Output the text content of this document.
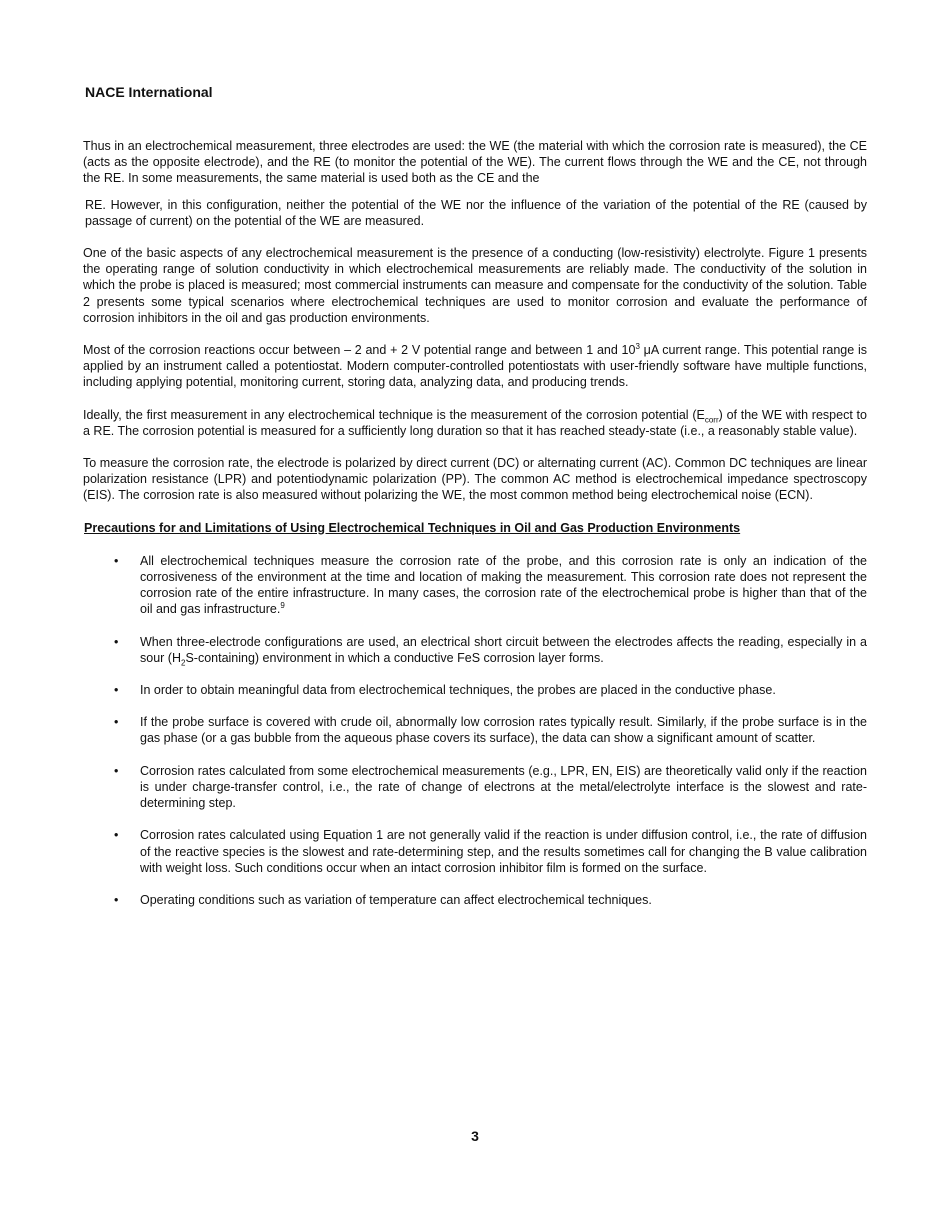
NACE International

Thus in an electrochemical measurement, three electrodes are used: the WE (the material with which the corrosion rate is measured), the CE (acts as the opposite electrode), and the RE (to monitor the potential of the WE). The current flows through the WE and the CE, not through the RE. In some measurements, the same material is used both as the CE and the

RE. However, in this configuration, neither the potential of the WE nor the influence of the variation of the potential of the RE (caused by passage of current) on the potential of the WE are measured.

One of the basic aspects of any electrochemical measurement is the presence of a conducting (low-resistivity) electrolyte. Figure 1 presents the operating range of solution conductivity in which electrochemical measurements are reliably made. The conductivity of the solution in which the probe is placed is measured; most commercial instruments can measure and compensate for the conductivity of the solution. Table 2 presents some typical scenarios where electrochemical techniques are used to monitor corrosion and evaluate the performance of corrosion inhibitors in the oil and gas production environments.

Most of the corrosion reactions occur between – 2 and + 2 V potential range and between 1 and $10^3$ μA current range. This potential range is applied by an instrument called a potentiostat. Modern computer-controlled potentiostats with user-friendly software have multiple functions, including applying potential, monitoring current, storing data, analyzing data, and producing trends.

Ideally, the first measurement in any electrochemical technique is the measurement of the corrosion potential $(E_{corr})$ of the WE with respect to a RE. The corrosion potential is measured for a sufficiently long duration so that it has reached steady-state (i.e., a reasonably stable value).

To measure the corrosion rate, the electrode is polarized by direct current (DC) or alternating current (AC). Common DC techniques are linear polarization resistance (LPR) and potentiodynamic polarization (PP). The common AC method is electrochemical impedance spectroscopy (EIS). The corrosion rate is also measured without polarizing the WE, the most common method being electrochemical noise (ECN).

Precautions for and Limitations of Using Electrochemical Techniques in Oil and Gas Production Environments
• All electrochemical techniques measure the corrosion rate of the probe, and this corrosion rate is only an indication of the corrosiveness of the environment at the time and location of making the measurement. This corrosion rate does not represent the corrosion rate of the entire infrastructure. In many cases, the corrosion rate of the electrochemical probe is higher than that of the oil and gas infrastructure.$^9$
• When three-electrode configurations are used, an electrical short circuit between the electrodes affects the reading, especially in a sour $(H_2S-containing)$ environment in which a conductive FeS corrosion layer forms.
• In order to obtain meaningful data from electrochemical techniques, the probes are placed in the conductive phase.
• If the probe surface is covered with crude oil, abnormally low corrosion rates typically result. Similarly, if the probe surface is in the gas phase (or a gas bubble from the aqueous phase covers its surface), the data can show a significant amount of scatter.
• Corrosion rates calculated from some electrochemical measurements (e.g., LPR, EN, EIS) are theoretically valid only if the reaction is under charge-transfer control, i.e., the rate of change of electrons at the metal/electrolyte interface is the slowest and rate-determining step.
• Corrosion rates calculated using Equation 1 are not generally valid if the reaction is under diffusion control, i.e., the rate of diffusion of the reactive species is the slowest and rate-determining step, and the results sometimes call for changing the B value calibration with weight loss. Such conditions occur when an intact corrosion inhibitor film is formed on the surface.
• Operating conditions such as variation of temperature can affect electrochemical techniques.
3
